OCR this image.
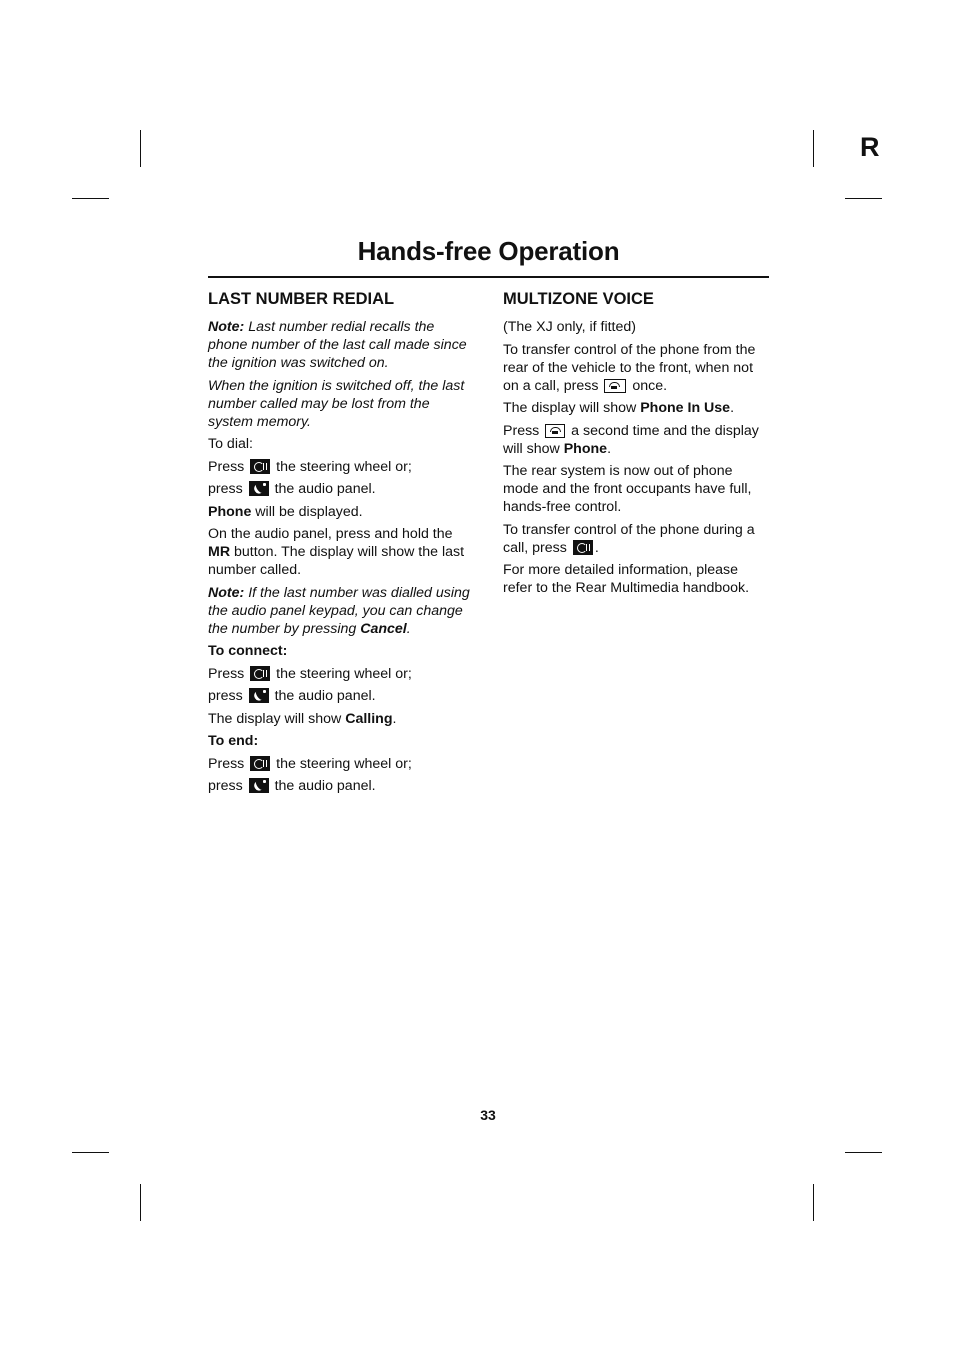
R
Hands-free Operation
LAST NUMBER REDIAL

Note: Last number redial recalls the phone number of the last call made since the ignition was switched on.

When the ignition is switched off, the last number called may be lost from the system memory.

To dial:

Press  the steering wheel or;

press  the audio panel.

Phone will be displayed.

On the audio panel, press and hold the MR button. The display will show the last number called.

Note: If the last number was dialled using the audio panel keypad, you can change the number by pressing Cancel.

To connect:

Press  the steering wheel or;

press  the audio panel.

The display will show Calling.

To end:

Press  the steering wheel or;

press  the audio panel.

MULTIZONE VOICE

(The XJ only, if fitted)

To transfer control of the phone from the rear of the vehicle to the front, when not on a call, press  once.

The display will show Phone In Use.

Press  a second time and the display will show Phone.

The rear system is now out of phone mode and the front occupants have full, hands-free control.

To transfer control of the phone during a call, press .

For more detailed information, please refer to the Rear Multimedia handbook.

33
